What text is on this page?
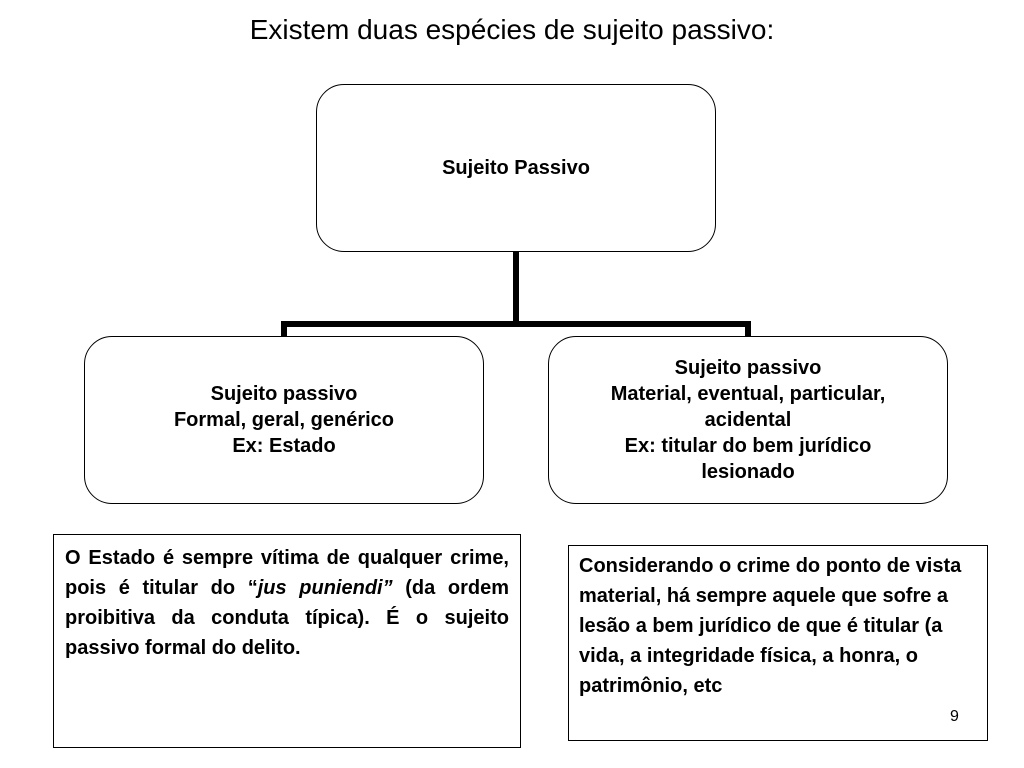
Existem duas espécies de sujeito passivo:
Sujeito Passivo
Sujeito passivo
Formal, geral, genérico
Ex: Estado
Sujeito passivo
Material, eventual, particular,
acidental
Ex: titular do bem jurídico
lesionado
O Estado é sempre vítima de qualquer crime, pois é titular do “jus puniendi” (da ordem proibitiva da conduta típica). É o sujeito passivo formal do delito.
Considerando o crime do ponto de vista material, há sempre aquele que sofre a lesão a bem jurídico de que é titular (a vida, a integridade física, a honra, o patrimônio, etc
9
